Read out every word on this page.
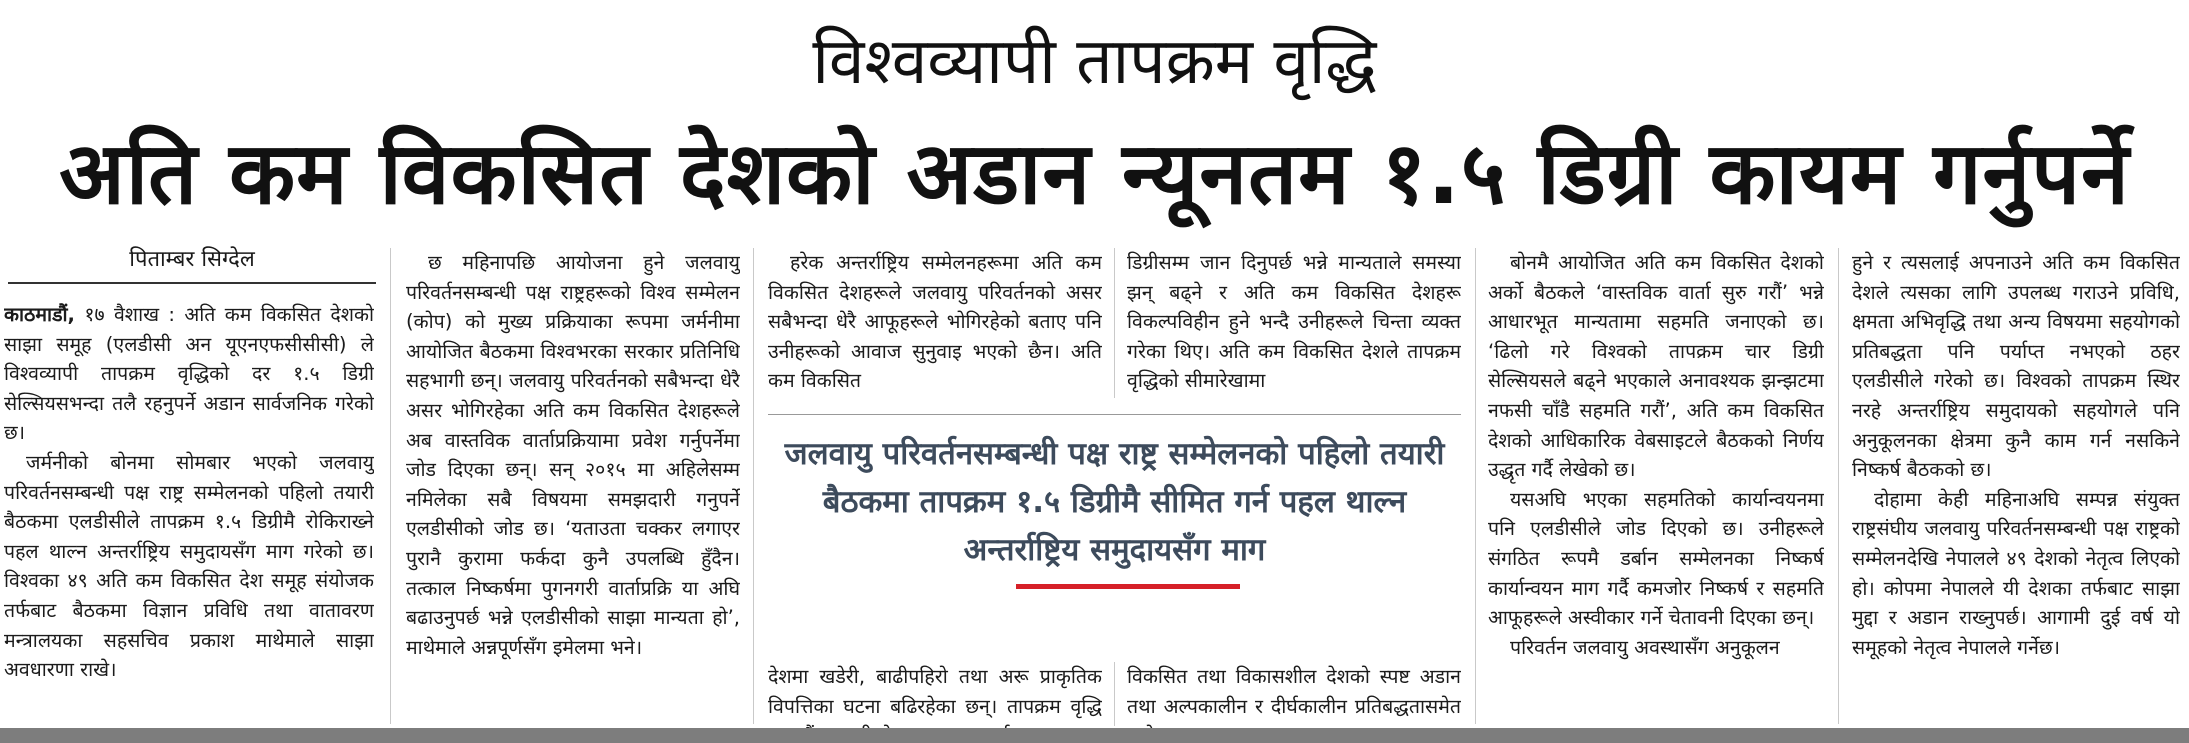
विश्वव्यापी तापक्रम वृद्धि
अति कम विकसित देशको अडान न्यूनतम १.५ डिग्री कायम गर्नुपर्ने
पिताम्बर सिग्देल

काठमाडौं, १७ वैशाख : अति कम विकसित देशको साझा समूह (एलडीसी अन यूएनएफसीसीसी) ले विश्वव्यापी तापक्रम वृद्धिको दर १.५ डिग्री सेल्सियसभन्दा तलै रहनुपर्ने अडान सार्वजनिक गरेको छ।

जर्मनीको बोनमा सोमबार भएको जलवायु परिवर्तनसम्बन्धी पक्ष राष्ट्र सम्मेलनको पहिलो तयारी बैठकमा एलडीसीले तापक्रम १.५ डिग्रीमै रोकिराख्ने पहल थाल्न अन्तर्राष्ट्रिय समुदायसँग माग गरेको छ। विश्वका ४९ अति कम विकसित देश समूह संयोजक तर्फबाट बैठकमा विज्ञान प्रविधि तथा वातावरण मन्त्रालयका सहसचिव प्रकाश माथेमाले साझा अवधारणा राखे।

छ महिनापछि आयोजना हुने जलवायु परिवर्तनसम्बन्धी पक्ष राष्ट्रहरूको विश्व सम्मेलन (कोप) को मुख्य प्रक्रियाका रूपमा जर्मनीमा आयोजित बैठकमा विश्वभरका सरकार प्रतिनिधि सहभागी छन्। जलवायु परिवर्तनको सबैभन्दा धेरै असर भोगिरहेका अति कम विकसित देशहरूले अब वास्तविक वार्ताप्रक्रियामा प्रवेश गर्नुपर्नेमा जोड दिएका छन्। सन् २०१५ मा अहिलेसम्म नमिलेका सबै विषयमा समझदारी गनुपर्ने एलडीसीको जोड छ। ‘यताउता चक्कर लगाएर पुरानै कुरामा फर्कदा कुनै उपलब्धि हुँदैन। तत्काल निष्कर्षमा पुगनगरी वार्ताप्रक्रि या अघि बढाउनुपर्छ भन्ने एलडीसीको साझा मान्यता हो’, माथेमाले अन्नपूर्णसँग इमेलमा भने।

हरेक अन्तर्राष्ट्रिय सम्मेलनहरूमा अति कम विकसित देशहरूले जलवायु परिवर्तनको असर सबैभन्दा धेरै आफूहरूले भोगिरहेको बताए पनि उनीहरूको आवाज सुनुवाइ भएको छैन। अति कम विकसित

डिग्रीसम्म जान दिनुपर्छ भन्ने मान्यताले समस्या झन् बढ्ने र अति कम विकसित देशहरू विकल्पविहीन हुने भन्दै उनीहरूले चिन्ता व्यक्त गरेका थिए। अति कम विकसित देशले तापक्रम वृद्धिको सीमारेखामा

जलवायु परिवर्तनसम्बन्धी पक्ष राष्ट्र सम्मेलनको पहिलो तयारी बैठकमा तापक्रम १.५ डिग्रीमै सीमित गर्न पहल थाल्न अन्तर्राष्ट्रिय समुदायसँग माग

देशमा खडेरी, बाढीपहिरो तथा अरू प्राकृतिक विपत्तिका घटना बढिरहेका छन्। तापक्रम वृद्धि

विकसित तथा विकासशील देशको स्पष्ट अडान तथा अल्पकालीन र दीर्घकालीन प्रतिबद्धतासमेत

बोनमै आयोजित अति कम विकसित देशको अर्को बैठकले ‘वास्तविक वार्ता सुरु गरौं’ भन्ने आधारभूत मान्यतामा सहमति जनाएको छ। ‘ढिलो गरे विश्वको तापक्रम चार डिग्री सेल्सियसले बढ्ने भएकाले अनावश्यक झन्झटमा नफसी चाँडै सहमति गरौं’, अति कम विकसित देशको आधिकारिक वेबसाइटले बैठकको निर्णय उद्धृत गर्दै लेखेको छ।

यसअघि भएका सहमतिको कार्यान्वयनमा पनि एलडीसीले जोड दिएको छ। उनीहरूले संगठित रूपमै डर्बान सम्मेलनका निष्कर्ष कार्यान्वयन माग गर्दै कमजोर निष्कर्ष र सहमति आफूहरूले अस्वीकार गर्ने चेतावनी दिएका छन्।

परिवर्तन जलवायु अवस्थासँग अनुकूलन

हुने र त्यसलाई अपनाउने अति कम विकसित देशले त्यसका लागि उपलब्ध गराउने प्रविधि, क्षमता अभिवृद्धि तथा अन्य विषयमा सहयोगको प्रतिबद्धता पनि पर्याप्त नभएको ठहर एलडीसीले गरेको छ। विश्वको तापक्रम स्थिर नरहे अन्तर्राष्ट्रिय समुदायको सहयोगले पनि अनुकूलनका क्षेत्रमा कुनै काम गर्न नसकिने निष्कर्ष बैठकको छ।

दोहामा केही महिनाअघि सम्पन्न संयुक्त राष्ट्रसंघीय जलवायु परिवर्तनसम्बन्धी पक्ष राष्ट्रको सम्मेलनदेखि नेपालले ४९ देशको नेतृत्व लिएको हो। कोपमा नेपालले यी देशका तर्फबाट साझा मुद्दा र अडान राख्नुपर्छ। आगामी दुई वर्ष यो समूहको नेतृत्व नेपालले गर्नेछ।
